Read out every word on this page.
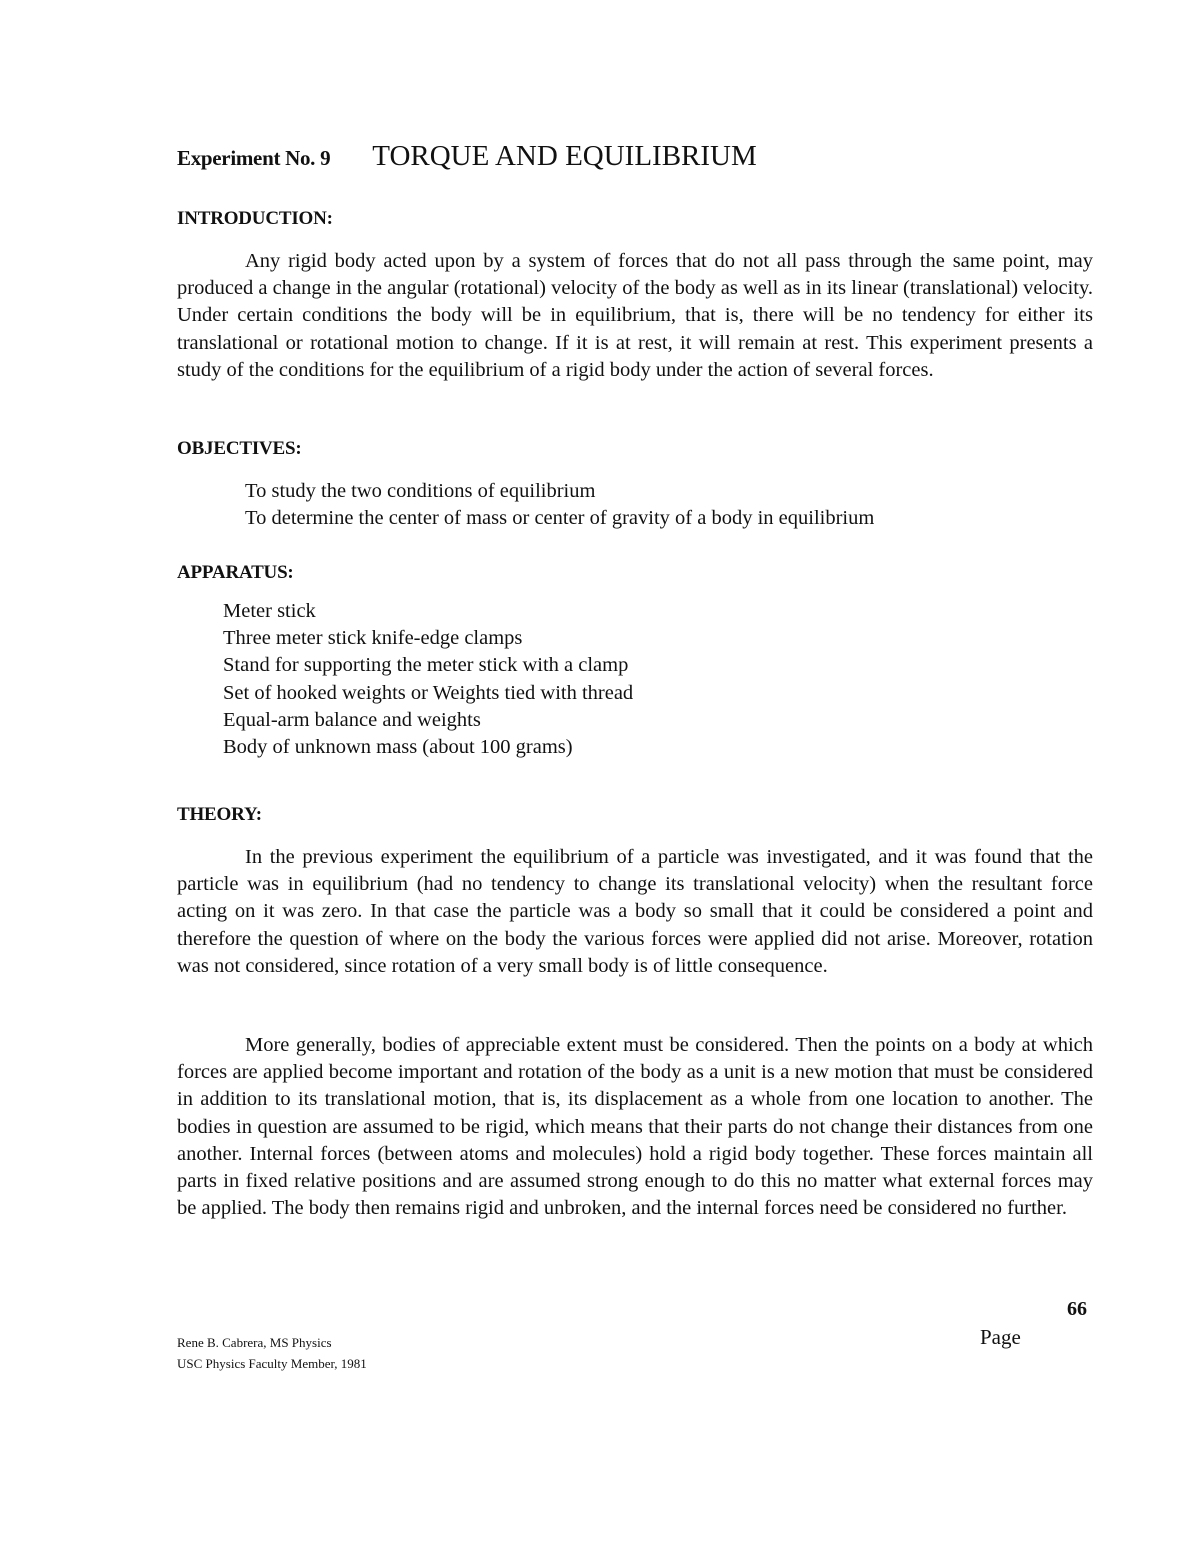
Experiment No. 9 TORQUE AND EQUILIBRIUM
INTRODUCTION:

Any rigid body acted upon by a system of forces that do not all pass through the same point, may produced a change in the angular (rotational) velocity of the body as well as in its linear (translational) velocity. Under certain conditions the body will be in equilibrium, that is, there will be no tendency for either its translational or rotational motion to change. If it is at rest, it will remain at rest. This experiment presents a study of the conditions for the equilibrium of a rigid body under the action of several forces.

OBJECTIVES:
To study the two conditions of equilibrium
To determine the center of mass or center of gravity of a body in equilibrium
APPARATUS:
Meter stick
Three meter stick knife-edge clamps
Stand for supporting the meter stick with a clamp
Set of hooked weights or Weights tied with thread
Equal-arm balance and weights
Body of unknown mass (about 100 grams)
THEORY:

In the previous experiment the equilibrium of a particle was investigated, and it was found that the particle was in equilibrium (had no tendency to change its translational velocity) when the resultant force acting on it was zero. In that case the particle was a body so small that it could be considered a point and therefore the question of where on the body the various forces were applied did not arise. Moreover, rotation was not considered, since rotation of a very small body is of little consequence.

More generally, bodies of appreciable extent must be considered. Then the points on a body at which forces are applied become important and rotation of the body as a unit is a new motion that must be considered in addition to its translational motion, that is, its displacement as a whole from one location to another. The bodies in question are assumed to be rigid, which means that their parts do not change their distances from one another. Internal forces (between atoms and molecules) hold a rigid body together. These forces maintain all parts in fixed relative positions and are assumed strong enough to do this no matter what external forces may be applied. The body then remains rigid and unbroken, and the internal forces need be considered no further.

66
Page
Rene B. Cabrera, MS Physics
USC Physics Faculty Member, 1981
